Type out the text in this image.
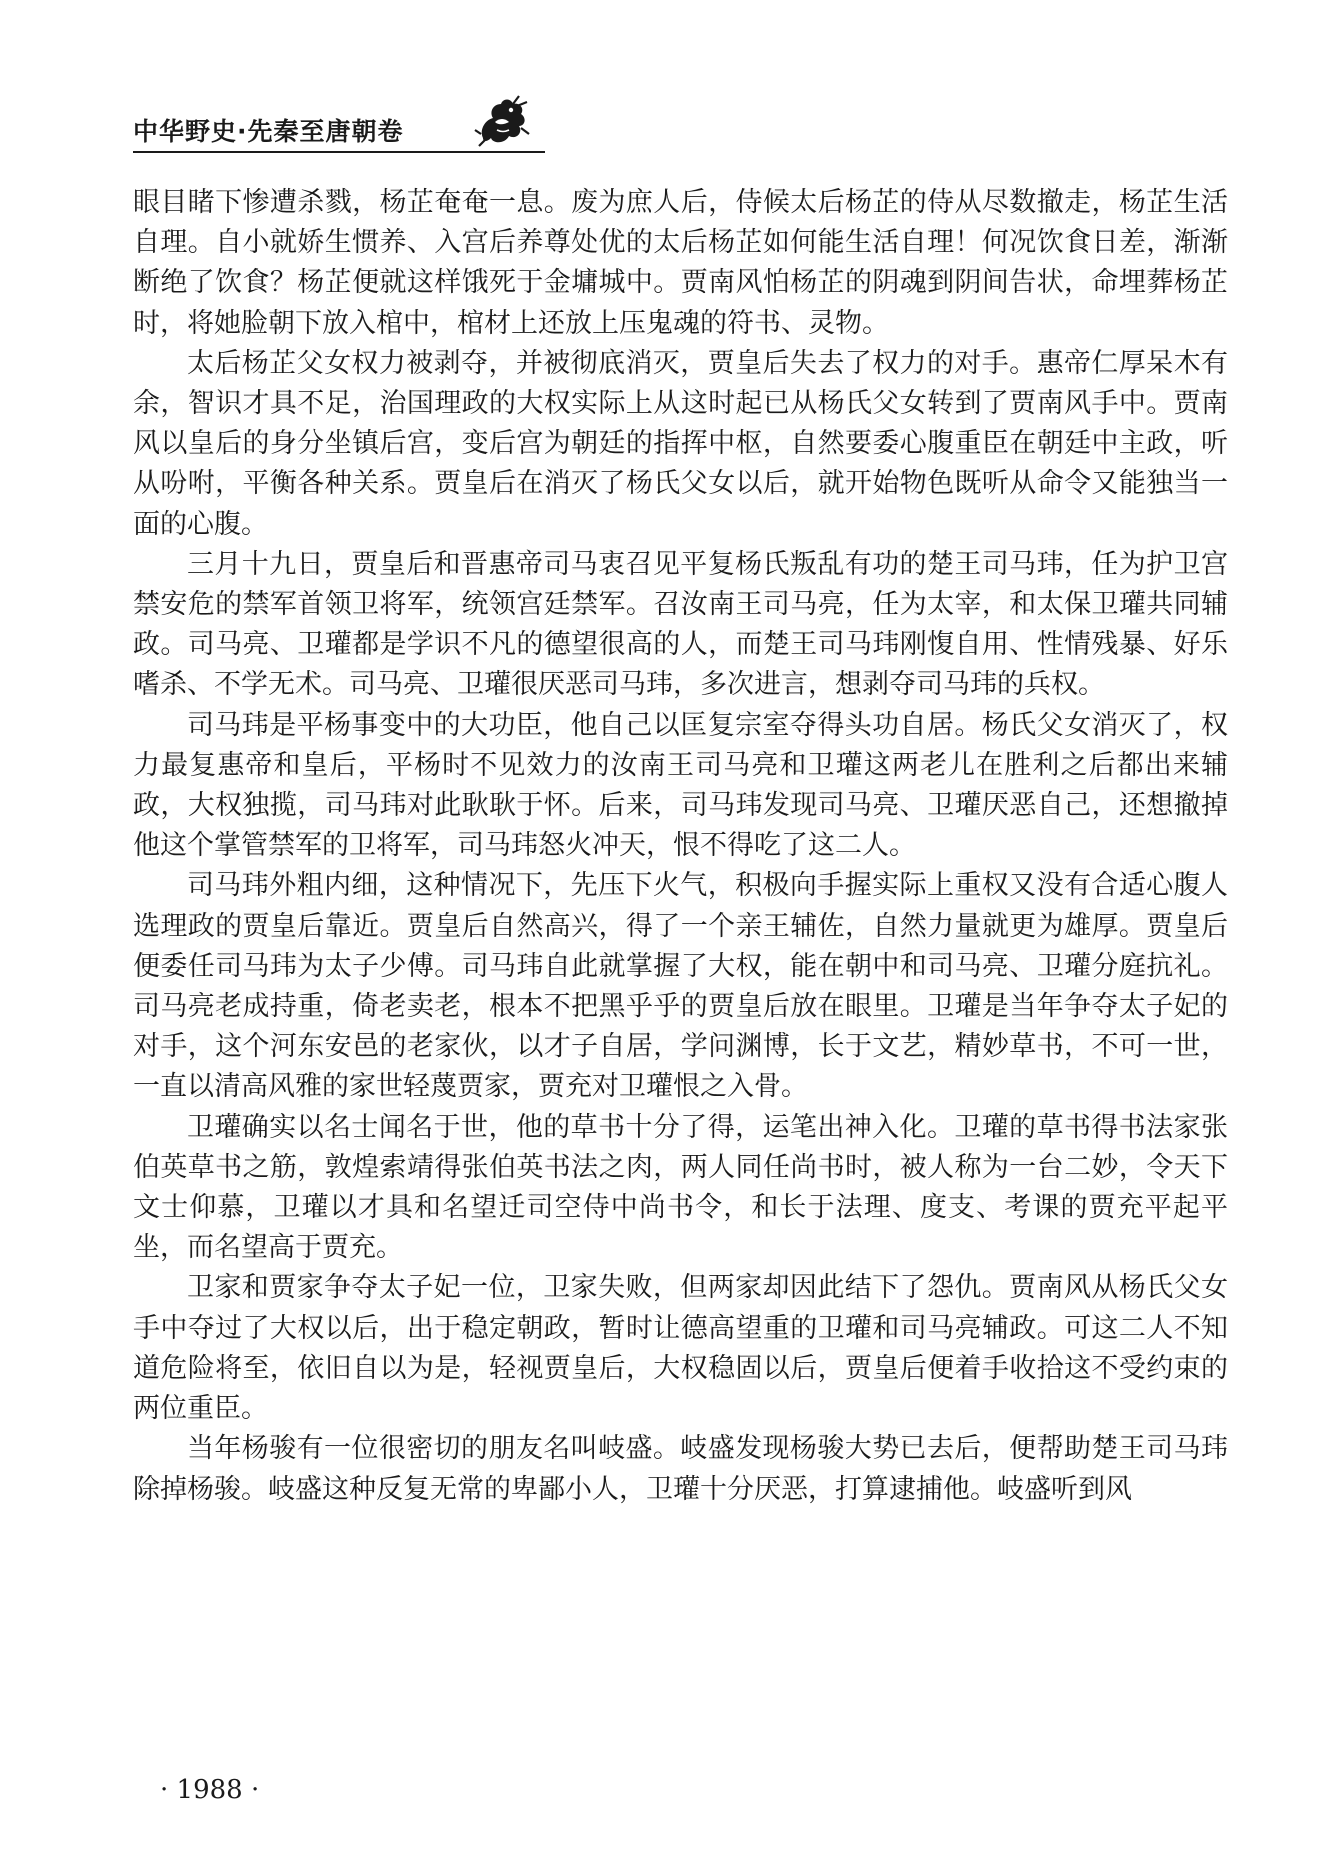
中华野史·先秦至唐朝卷

眼目睹下惨遭杀戮，杨芷奄奄一息。废为庶人后，侍候太后杨芷的侍从尽数撤走，杨芷生活自理。自小就娇生惯养、入宫后养尊处优的太后杨芷如何能生活自理！何况饮食日差，渐渐断绝了饮食？杨芷便就这样饿死于金墉城中。贾南风怕杨芷的阴魂到阴间告状，命埋葬杨芷时，将她脸朝下放入棺中，棺材上还放上压鬼魂的符书、灵物。

太后杨芷父女权力被剥夺，并被彻底消灭，贾皇后失去了权力的对手。惠帝仁厚呆木有余，智识才具不足，治国理政的大权实际上从这时起已从杨氏父女转到了贾南风手中。贾南风以皇后的身分坐镇后宫，变后宫为朝廷的指挥中枢，自然要委心腹重臣在朝廷中主政，听从吩咐，平衡各种关系。贾皇后在消灭了杨氏父女以后，就开始物色既听从命令又能独当一面的心腹。

三月十九日，贾皇后和晋惠帝司马衷召见平复杨氏叛乱有功的楚王司马玮，任为护卫宫禁安危的禁军首领卫将军，统领宫廷禁军。召汝南王司马亮，任为太宰，和太保卫瓘共同辅政。司马亮、卫瓘都是学识不凡的德望很高的人，而楚王司马玮刚愎自用、性情残暴、好乐嗜杀、不学无术。司马亮、卫瓘很厌恶司马玮，多次进言，想剥夺司马玮的兵权。

司马玮是平杨事变中的大功臣，他自己以匡复宗室夺得头功自居。杨氏父女消灭了，权力最复惠帝和皇后，平杨时不见效力的汝南王司马亮和卫瓘这两老儿在胜利之后都出来辅政，大权独揽，司马玮对此耿耿于怀。后来，司马玮发现司马亮、卫瓘厌恶自己，还想撤掉他这个掌管禁军的卫将军，司马玮怒火冲天，恨不得吃了这二人。

司马玮外粗内细，这种情况下，先压下火气，积极向手握实际上重权又没有合适心腹人选理政的贾皇后靠近。贾皇后自然高兴，得了一个亲王辅佐，自然力量就更为雄厚。贾皇后便委任司马玮为太子少傅。司马玮自此就掌握了大权，能在朝中和司马亮、卫瓘分庭抗礼。司马亮老成持重，倚老卖老，根本不把黑乎乎的贾皇后放在眼里。卫瓘是当年争夺太子妃的对手，这个河东安邑的老家伙，以才子自居，学问渊博，长于文艺，精妙草书，不可一世，一直以清高风雅的家世轻蔑贾家，贾充对卫瓘恨之入骨。

卫瓘确实以名士闻名于世，他的草书十分了得，运笔出神入化。卫瓘的草书得书法家张伯英草书之筋，敦煌索靖得张伯英书法之肉，两人同任尚书时，被人称为一台二妙，令天下文士仰慕，卫瓘以才具和名望迁司空侍中尚书令，和长于法理、度支、考课的贾充平起平坐，而名望高于贾充。

卫家和贾家争夺太子妃一位，卫家失败，但两家却因此结下了怨仇。贾南风从杨氏父女手中夺过了大权以后，出于稳定朝政，暂时让德高望重的卫瓘和司马亮辅政。可这二人不知道危险将至，依旧自以为是，轻视贾皇后，大权稳固以后，贾皇后便着手收拾这不受约束的两位重臣。

当年杨骏有一位很密切的朋友名叫岐盛。岐盛发现杨骏大势已去后，便帮助楚王司马玮除掉杨骏。岐盛这种反复无常的卑鄙小人，卫瓘十分厌恶，打算逮捕他。岐盛听到风

· 1988 ·
